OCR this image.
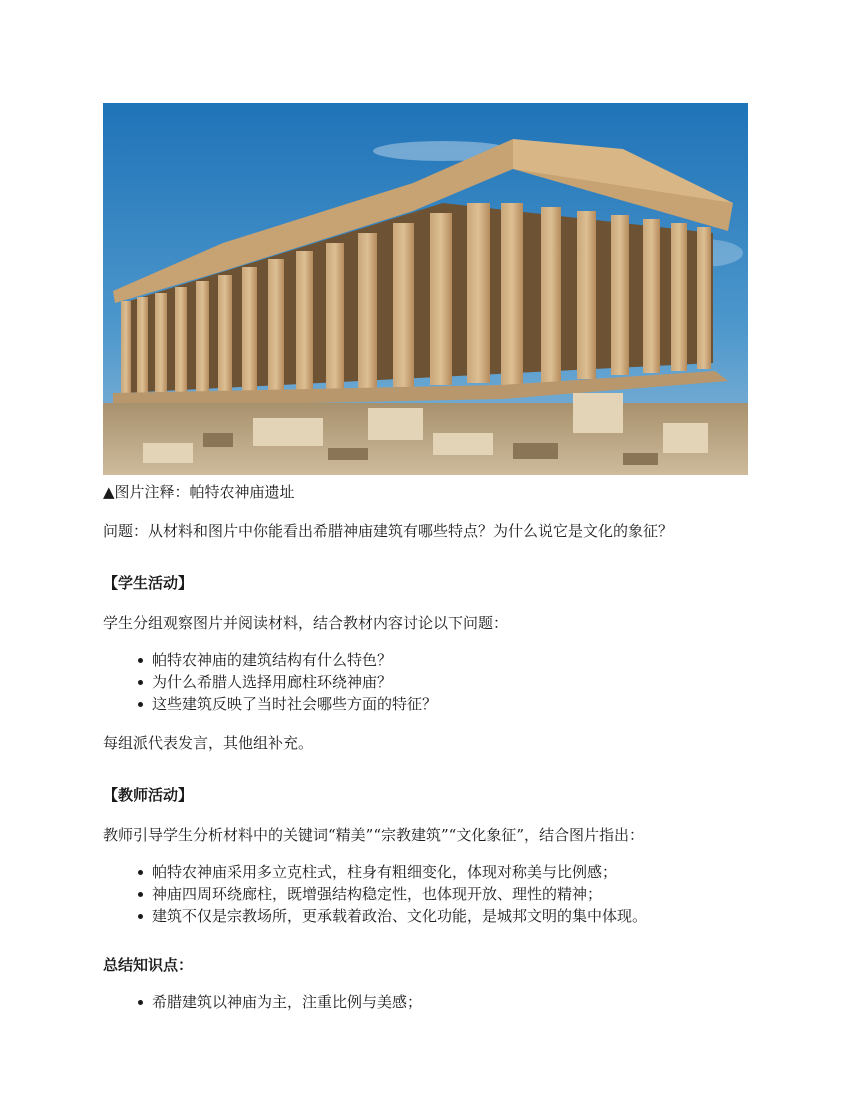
▲图片注释：帕特农神庙遗址
问题：从材料和图片中你能看出希腊神庙建筑有哪些特点？为什么说它是文化的象征？
【学生活动】
学生分组观察图片并阅读材料，结合教材内容讨论以下问题：
帕特农神庙的建筑结构有什么特色？
为什么希腊人选择用廊柱环绕神庙？
这些建筑反映了当时社会哪些方面的特征？
每组派代表发言，其他组补充。
【教师活动】
教师引导学生分析材料中的关键词“精美”“宗教建筑”“文化象征”，结合图片指出：
帕特农神庙采用多立克柱式，柱身有粗细变化，体现对称美与比例感；
神庙四周环绕廊柱，既增强结构稳定性，也体现开放、理性的精神；
建筑不仅是宗教场所，更承载着政治、文化功能，是城邦文明的集中体现。
总结知识点：
希腊建筑以神庙为主，注重比例与美感；
